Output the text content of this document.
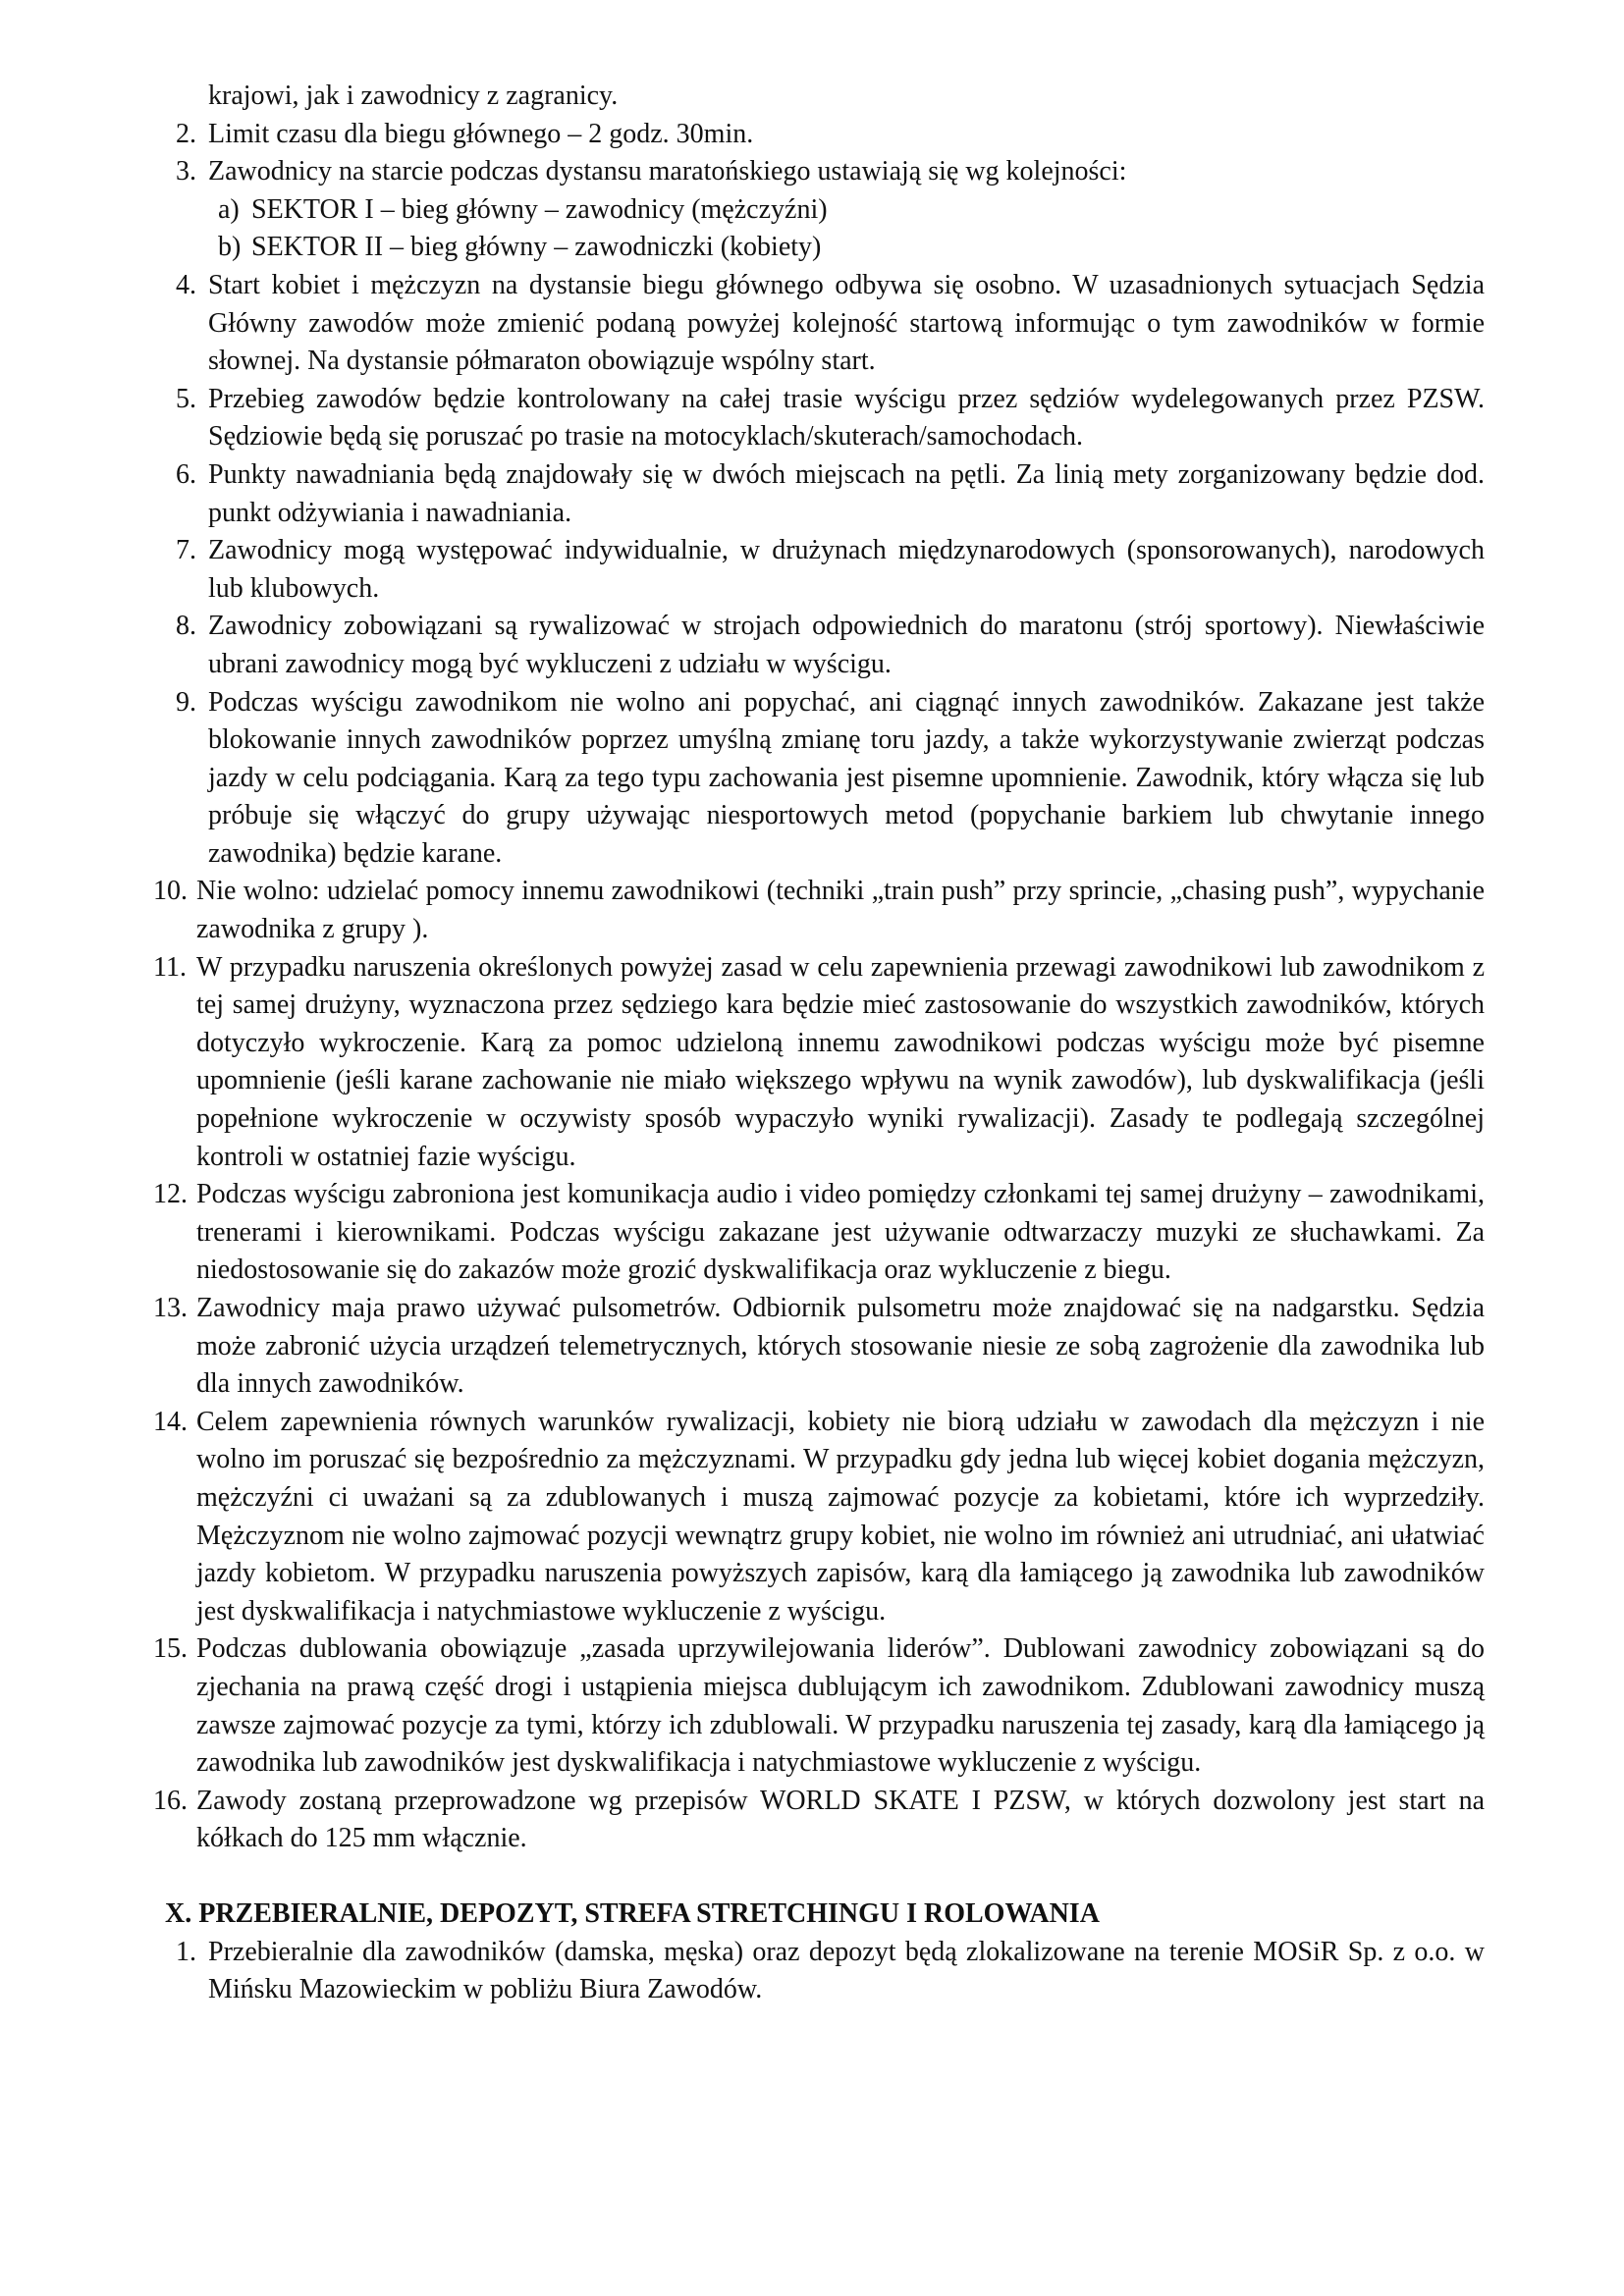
krajowi, jak i zawodnicy z zagranicy.

2. Limit czasu dla biegu głównego – 2 godz. 30min.
3. Zawodnicy na starcie podczas dystansu maratońskiego ustawiają się wg kolejności:
a) SEKTOR I – bieg główny – zawodnicy (mężczyźni)
b) SEKTOR II – bieg główny – zawodniczki (kobiety)
4. Start kobiet i mężczyzn na dystansie biegu głównego odbywa się osobno. W uzasadnionych sytuacjach Sędzia Główny zawodów może zmienić podaną powyżej kolejność startową informując o tym zawodników w formie słownej. Na dystansie półmaraton obowiązuje wspólny start.
5. Przebieg zawodów będzie kontrolowany na całej trasie wyścigu przez sędziów wydelegowanych przez PZSW. Sędziowie będą się poruszać po trasie na motocyklach/skuterach/samochodach.
6. Punkty nawadniania będą znajdowały się w dwóch miejscach na pętli. Za linią mety zorganizowany będzie dod. punkt odżywiania i nawadniania.
7. Zawodnicy mogą występować indywidualnie, w drużynach międzynarodowych (sponsorowanych), narodowych lub klubowych.
8. Zawodnicy zobowiązani są rywalizować w strojach odpowiednich do maratonu (strój sportowy). Niewłaściwie ubrani zawodnicy mogą być wykluczeni z udziału w wyścigu.
9. Podczas wyścigu zawodnikom nie wolno ani popychać, ani ciągnąć innych zawodników. Zakazane jest także blokowanie innych zawodników poprzez umyślną zmianę toru jazdy, a także wykorzystywanie zwierząt podczas jazdy w celu podciągania. Karą za tego typu zachowania jest pisemne upomnienie. Zawodnik, który włącza się lub próbuje się włączyć do grupy używając niesportowych metod (popychanie barkiem lub chwytanie innego zawodnika) będzie karane.
10. Nie wolno: udzielać pomocy innemu zawodnikowi (techniki „train push” przy sprincie, „chasing push”, wypychanie zawodnika z grupy ).
11. W przypadku naruszenia określonych powyżej zasad w celu zapewnienia przewagi zawodnikowi lub zawodnikom z tej samej drużyny, wyznaczona przez sędziego kara będzie mieć zastosowanie do wszystkich zawodników, których dotyczyło wykroczenie. Karą za pomoc udzieloną innemu zawodnikowi podczas wyścigu może być pisemne upomnienie (jeśli karane zachowanie nie miało większego wpływu na wynik zawodów), lub dyskwalifikacja (jeśli popełnione wykroczenie w oczywisty sposób wypaczyło wyniki rywalizacji). Zasady te podlegają szczególnej kontroli w ostatniej fazie wyścigu.
12. Podczas wyścigu zabroniona jest komunikacja audio i video pomiędzy członkami tej samej drużyny – zawodnikami, trenerami i kierownikami. Podczas wyścigu zakazane jest używanie odtwarzaczy muzyki ze słuchawkami. Za niedostosowanie się do zakazów może grozić dyskwalifikacja oraz wykluczenie z biegu.
13. Zawodnicy maja prawo używać pulsometrów. Odbiornik pulsometru może znajdować się na nadgarstku. Sędzia może zabronić użycia urządzeń telemetrycznych, których stosowanie niesie ze sobą zagrożenie dla zawodnika lub dla innych zawodników.
14. Celem zapewnienia równych warunków rywalizacji, kobiety nie biorą udziału w zawodach dla mężczyzn i nie wolno im poruszać się bezpośrednio za mężczyznami. W przypadku gdy jedna lub więcej kobiet dogania mężczyzn, mężczyźni ci uważani są za zdublowanych i muszą zajmować pozycje za kobietami, które ich wyprzedziły. Mężczyznom nie wolno zajmować pozycji wewnątrz grupy kobiet, nie wolno im również ani utrudniać, ani ułatwiać jazdy kobietom. W przypadku naruszenia powyższych zapisów, karą dla łamiącego ją zawodnika lub zawodników jest dyskwalifikacja i natychmiastowe wykluczenie z wyścigu.
15. Podczas dublowania obowiązuje „zasada uprzywilejowania liderów”. Dublowani zawodnicy zobowiązani są do zjechania na prawą część drogi i ustąpienia miejsca dublującym ich zawodnikom. Zdublowani zawodnicy muszą zawsze zajmować pozycje za tymi, którzy ich zdublowali. W przypadku naruszenia tej zasady, karą dla łamiącego ją zawodnika lub zawodników jest dyskwalifikacja i natychmiastowe wykluczenie z wyścigu.
16. Zawody zostaną przeprowadzone wg przepisów WORLD SKATE I PZSW, w których dozwolony jest start na kółkach do 125 mm włącznie.
X. PRZEBIERALNIE, DEPOZYT, STREFA STRETCHINGU I ROLOWANIA
1. Przebieralnie dla zawodników (damska, męska) oraz depozyt będą zlokalizowane na terenie MOSiR Sp. z o.o. w Mińsku Mazowieckim w pobliżu Biura Zawodów.
